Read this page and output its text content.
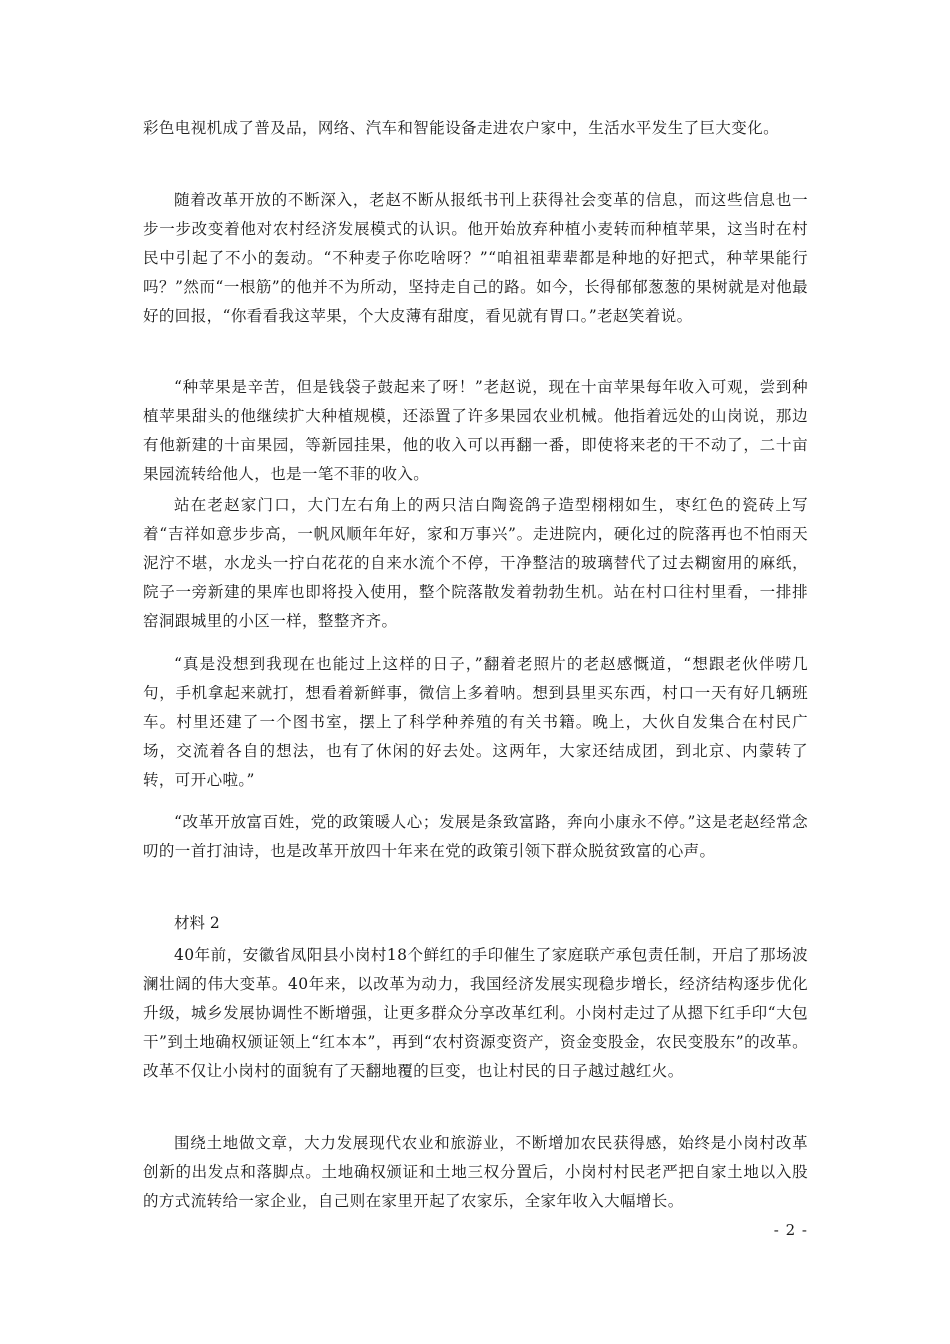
彩色电视机成了普及品，网络、汽车和智能设备走进农户家中，生活水平发生了巨大变化。

随着改革开放的不断深入，老赵不断从报纸书刊上获得社会变革的信息，而这些信息也一步一步改变着他对农村经济发展模式的认识。他开始放弃种植小麦转而种植苹果，这当时在村民中引起了不小的轰动。“不种麦子你吃啥呀？”“咱祖祖辈辈都是种地的好把式，种苹果能行吗？”然而“一根筋”的他并不为所动，坚持走自己的路。如今，长得郁郁葱葱的果树就是对他最好的回报，“你看看我这苹果，个大皮薄有甜度，看见就有胃口。”老赵笑着说。

“种苹果是辛苦，但是钱袋子鼓起来了呀！”老赵说，现在十亩苹果每年收入可观，尝到种植苹果甜头的他继续扩大种植规模，还添置了许多果园农业机械。他指着远处的山岗说，那边有他新建的十亩果园，等新园挂果，他的收入可以再翻一番，即使将来老的干不动了，二十亩果园流转给他人，也是一笔不菲的收入。

站在老赵家门口，大门左右角上的两只洁白陶瓷鸽子造型栩栩如生，枣红色的瓷砖上写着“吉祥如意步步高，一帆风顺年年好，家和万事兴”。走进院内，硬化过的院落再也不怕雨天泥泞不堪，水龙头一拧白花花的自来水流个不停，干净整洁的玻璃替代了过去糊窗用的麻纸，院子一旁新建的果库也即将投入使用，整个院落散发着勃勃生机。站在村口往村里看，一排排窑洞跟城里的小区一样，整整齐齐。

“真是没想到我现在也能过上这样的日子，”翻着老照片的老赵感慨道，“想跟老伙伴唠几句，手机拿起来就打，想看着新鲜事，微信上多着呐。想到县里买东西，村口一天有好几辆班车。村里还建了一个图书室，摆上了科学种养殖的有关书籍。晚上，大伙自发集合在村民广场，交流着各自的想法，也有了休闲的好去处。这两年，大家还结成团，到北京、内蒙转了转，可开心啦。”

“改革开放富百姓，党的政策暖人心；发展是条致富路，奔向小康永不停。”这是老赵经常念叨的一首打油诗，也是改革开放四十年来在党的政策引领下群众脱贫致富的心声。

材料 2

40年前，安徽省凤阳县小岗村18个鲜红的手印催生了家庭联产承包责任制，开启了那场波澜壮阔的伟大变革。40年来，以改革为动力，我国经济发展实现稳步增长，经济结构逐步优化升级，城乡发展协调性不断增强，让更多群众分享改革红利。小岗村走过了从摁下红手印“大包干”到土地确权颁证领上“红本本”，再到“农村资源变资产，资金变股金，农民变股东”的改革。改革不仅让小岗村的面貌有了天翻地覆的巨变，也让村民的日子越过越红火。

围绕土地做文章，大力发展现代农业和旅游业，不断增加农民获得感，始终是小岗村改革创新的出发点和落脚点。土地确权颁证和土地三权分置后，小岗村村民老严把自家土地以入股的方式流转给一家企业，自己则在家里开起了农家乐，全家年收入大幅增长。

- 2 -
